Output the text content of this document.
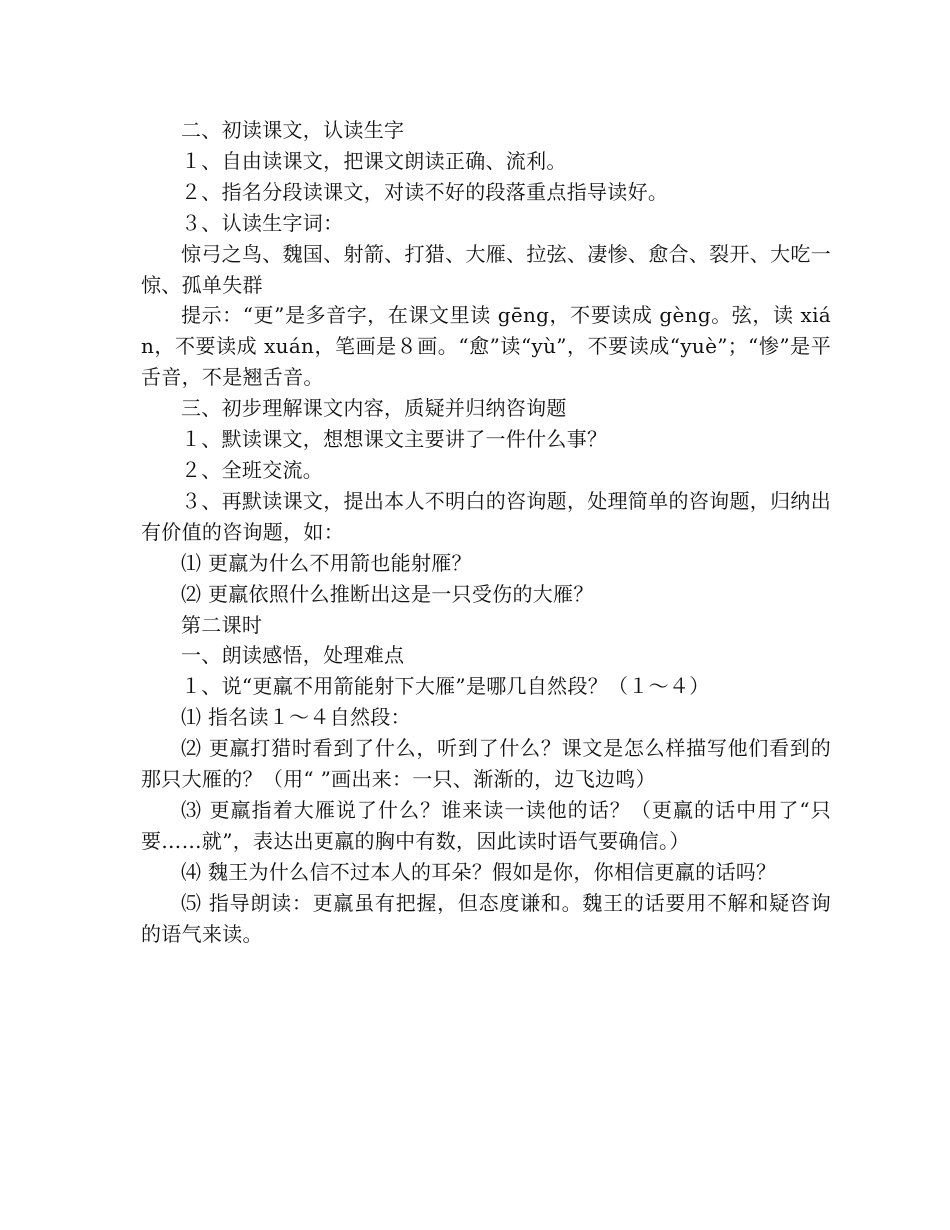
二、初读课文，认读生字

１、自由读课文，把课文朗读正确、流利。

２、指名分段读课文，对读不好的段落重点指导读好。

３、认读生字词：

惊弓之鸟、魏国、射箭、打猎、大雁、拉弦、凄惨、愈合、裂开、大吃一惊、孤单失群

提示：“更”是多音字，在课文里读 gēng，不要读成 gèng。弦，读 xián，不要读成 xuán，笔画是８画。“愈”读“yù”，不要读成“yuè”；“惨”是平舌音，不是翘舌音。

三、初步理解课文内容，质疑并归纳咨询题

１、默读课文，想想课文主要讲了一件什么事？

２、全班交流。

３、再默读课文，提出本人不明白的咨询题，处理简单的咨询题，归纳出有价值的咨询题，如：

⑴ 更羸为什么不用箭也能射雁？

⑵ 更羸依照什么推断出这是一只受伤的大雁？

第二课时

一、朗读感悟，处理难点

１、说“更羸不用箭能射下大雁”是哪几自然段？（１～４）

⑴ 指名读１～４自然段：

⑵ 更羸打猎时看到了什么，听到了什么？课文是怎么样描写他们看到的那只大雁的？（用“ ”画出来：一只、渐渐的，边飞边鸣）

⑶ 更羸指着大雁说了什么？谁来读一读他的话？（更羸的话中用了“只要……就”，表达出更羸的胸中有数，因此读时语气要确信。）

⑷ 魏王为什么信不过本人的耳朵？假如是你，你相信更羸的话吗？

⑸ 指导朗读：更羸虽有把握，但态度谦和。魏王的话要用不解和疑咨询的语气来读。
